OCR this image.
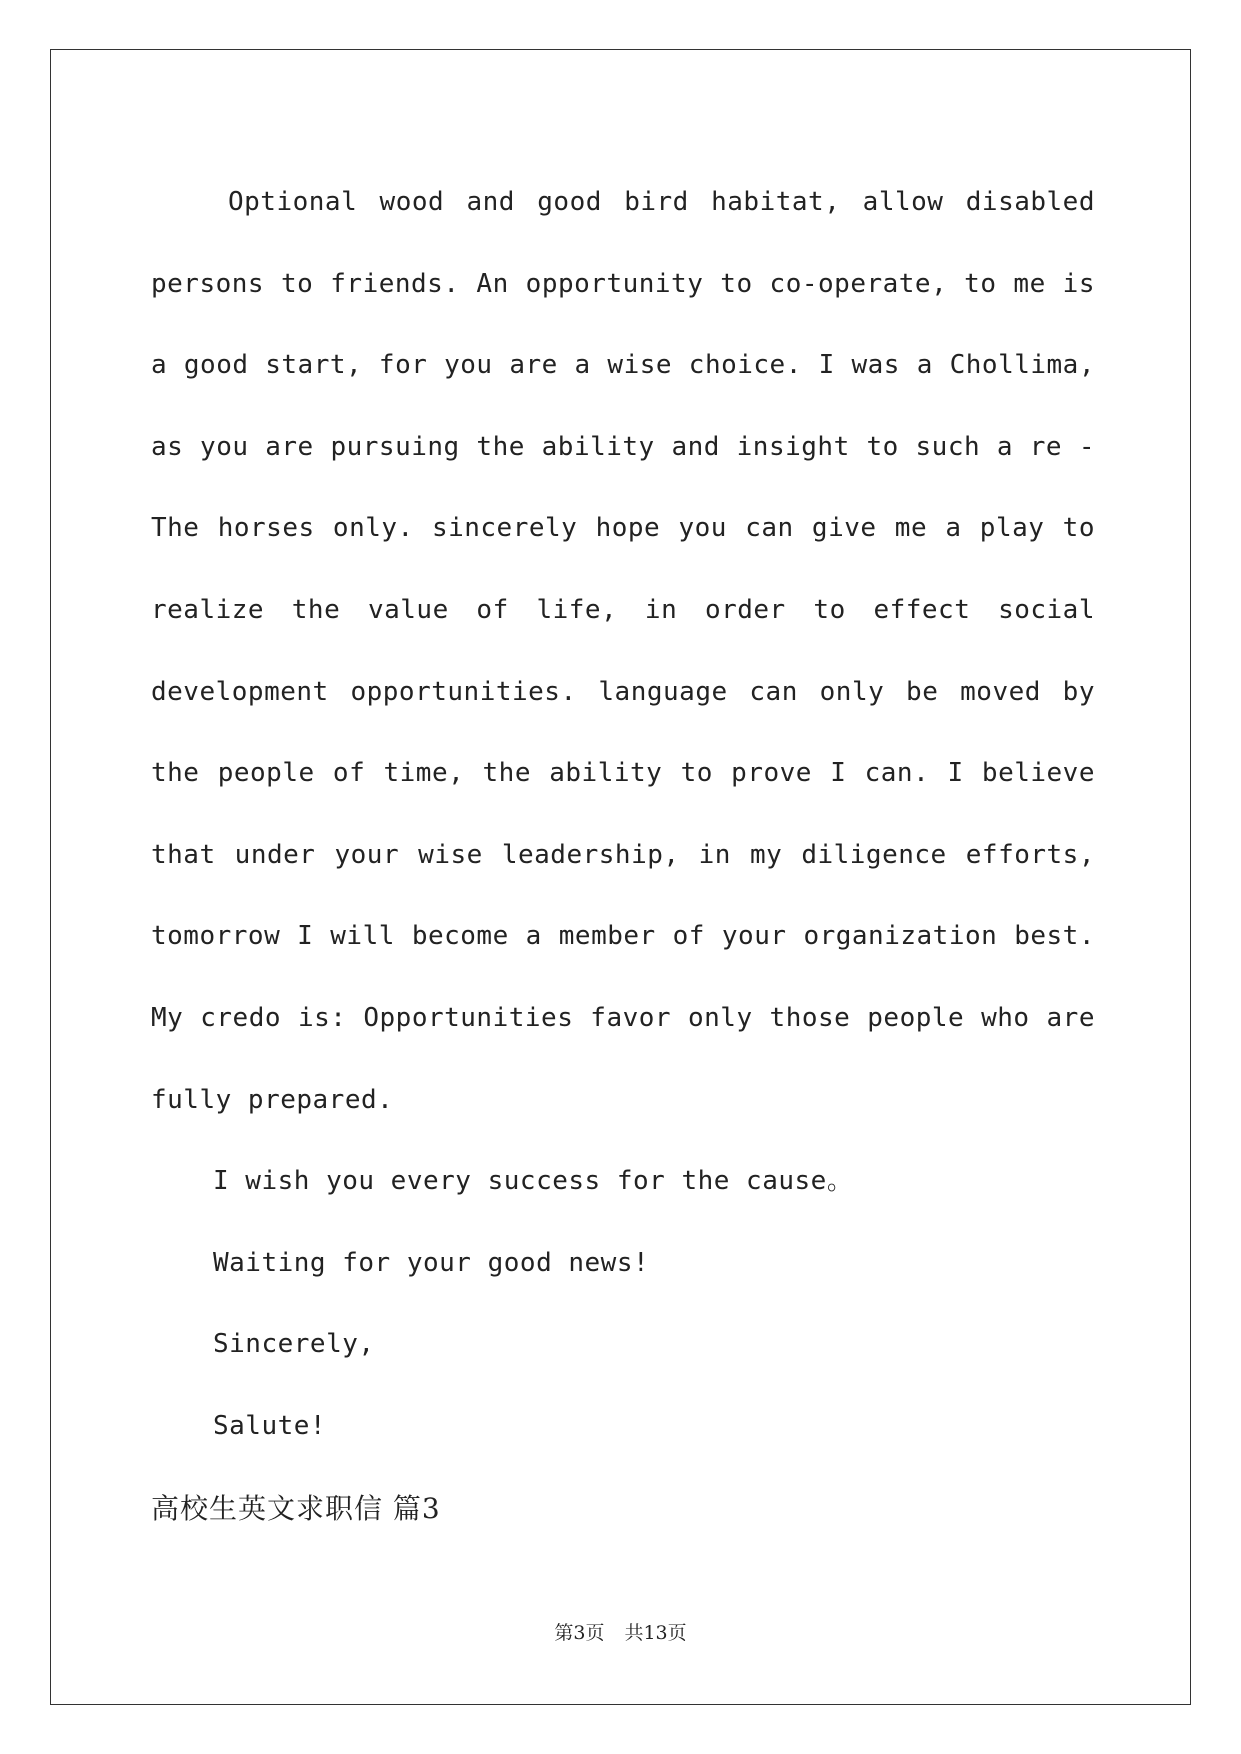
Optional wood and good bird habitat, allow disabled persons to friends. An opportunity to co-operate, to me is a good start, for you are a wise choice. I was a Chollima, as you are pursuing the ability and insight to such a re - The horses only. sincerely hope you can give me a play to realize the value of life, in order to effect social development opportunities. language can only be moved by the people of time, the ability to prove I can. I believe that under your wise leadership, in my diligence efforts, tomorrow I will become a member of your organization best. My credo is: Opportunities favor only those people who are fully prepared.

I wish you every success for the cause。

Waiting for your good news!

Sincerely,

Salute!

高校生英文求职信 篇3

第3页 共13页
